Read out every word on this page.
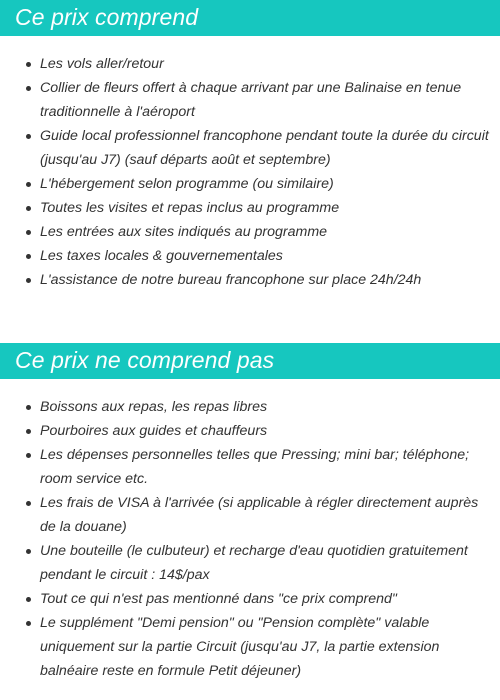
Ce prix comprend
Les vols aller/retour
Collier de fleurs offert à chaque arrivant par une Balinaise en tenue traditionnelle à l'aéroport
Guide local professionnel francophone pendant toute la durée du circuit (jusqu'au J7) (sauf départs août et septembre)
L'hébergement selon programme (ou similaire)
Toutes les visites et repas inclus au programme
Les entrées aux sites indiqués au programme
Les taxes locales & gouvernementales
L'assistance de notre bureau francophone sur place 24h/24h
Ce prix ne comprend pas
Boissons aux repas, les repas libres
Pourboires aux guides et chauffeurs
Les dépenses personnelles telles que Pressing; mini bar; téléphone; room service etc.
Les frais de VISA à l'arrivée (si applicable à régler directement auprès de la douane)
Une bouteille (le culbuteur) et recharge d'eau quotidien gratuitement pendant le circuit : 14$/pax
Tout ce qui n'est pas mentionné dans "ce prix comprend"
Le supplément "Demi pension" ou "Pension complète" valable uniquement sur la partie Circuit (jusqu'au J7, la partie extension balnéaire reste en formule Petit déjeuner)
